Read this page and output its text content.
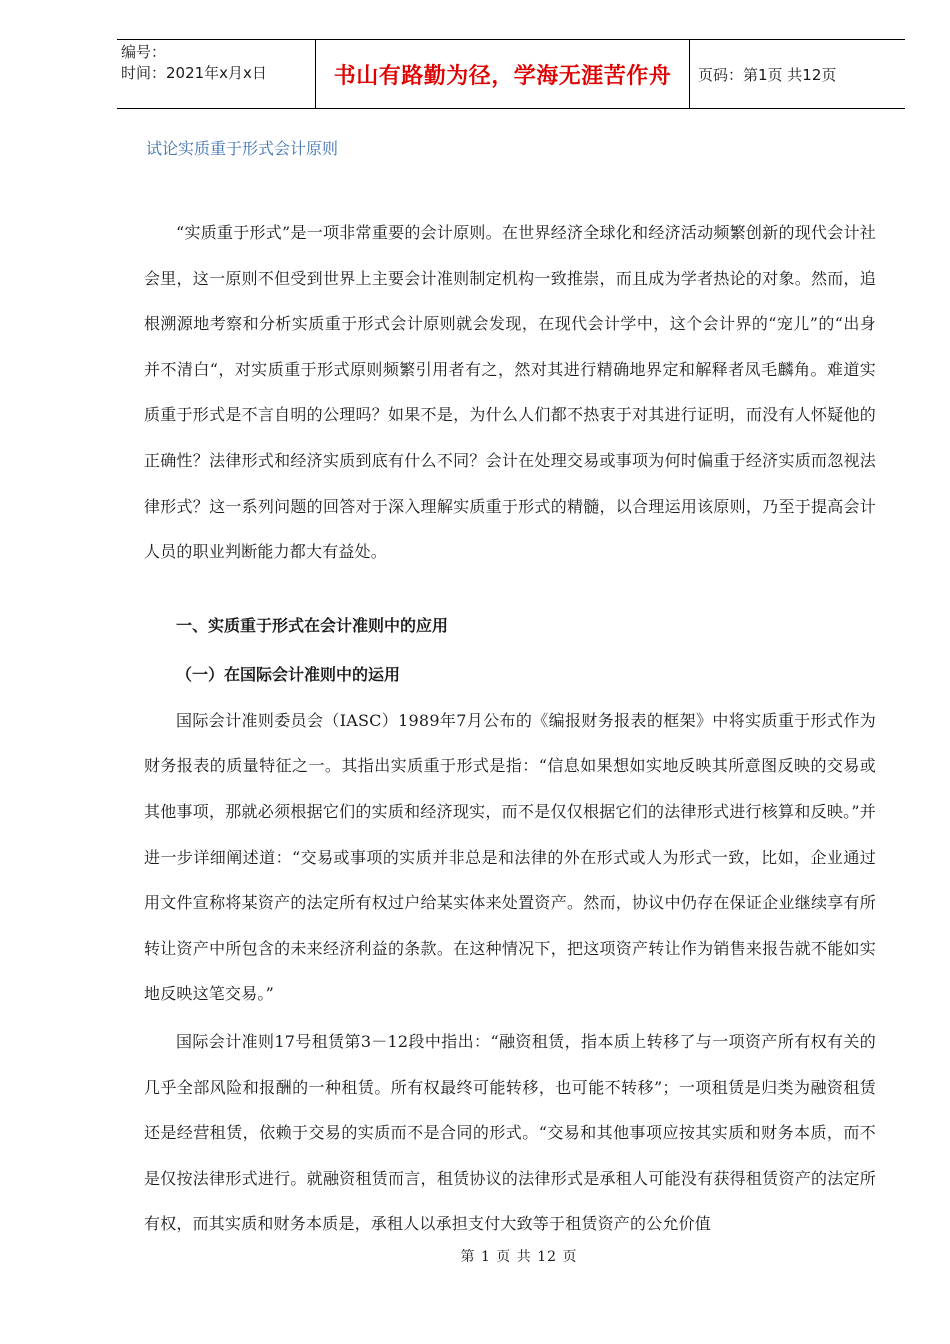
编号：
时间：2021年x月x日	书山有路勤为径，学海无涯苦作舟	页码：第1页 共12页
试论实质重于形式会计原则

“实质重于形式”是一项非常重要的会计原则。在世界经济全球化和经济活动频繁创新的现代会计社会里，这一原则不但受到世界上主要会计准则制定机构一致推崇，而且成为学者热论的对象。然而，追根溯源地考察和分析实质重于形式会计原则就会发现，在现代会计学中，这个会计界的“宠儿”的“出身并不清白“，对实质重于形式原则频繁引用者有之，然对其进行精确地界定和解释者凤毛麟角。难道实质重于形式是不言自明的公理吗？如果不是，为什么人们都不热衷于对其进行证明，而没有人怀疑他的正确性？法律形式和经济实质到底有什么不同？会计在处理交易或事项为何时偏重于经济实质而忽视法律形式？这一系列问题的回答对于深入理解实质重于形式的精髓，以合理运用该原则，乃至于提高会计人员的职业判断能力都大有益处。

一、实质重于形式在会计准则中的应用

（一）在国际会计准则中的运用

国际会计准则委员会（IASC）1989年7月公布的《编报财务报表的框架》中将实质重于形式作为财务报表的质量特征之一。其指出实质重于形式是指：“信息如果想如实地反映其所意图反映的交易或其他事项，那就必须根据它们的实质和经济现实，而不是仅仅根据它们的法律形式进行核算和反映。”并进一步详细阐述道：“交易或事项的实质并非总是和法律的外在形式或人为形式一致，比如，企业通过用文件宣称将某资产的法定所有权过户给某实体来处置资产。然而，协议中仍存在保证企业继续享有所转让资产中所包含的未来经济利益的条款。在这种情况下，把这项资产转让作为销售来报告就不能如实地反映这笔交易。”

国际会计准则17号租赁第3－12段中指出：“融资租赁，指本质上转移了与一项资产所有权有关的几乎全部风险和报酬的一种租赁。所有权最终可能转移，也可能不转移”；一项租赁是归类为融资租赁还是经营租赁，依赖于交易的实质而不是合同的形式。“交易和其他事项应按其实质和财务本质，而不是仅按法律形式进行。就融资租赁而言，租赁协议的法律形式是承租人可能没有获得租赁资产的法定所有权，而其实质和财务本质是，承租人以承担支付大致等于租赁资产的公允价值

第 1 页 共 12 页
